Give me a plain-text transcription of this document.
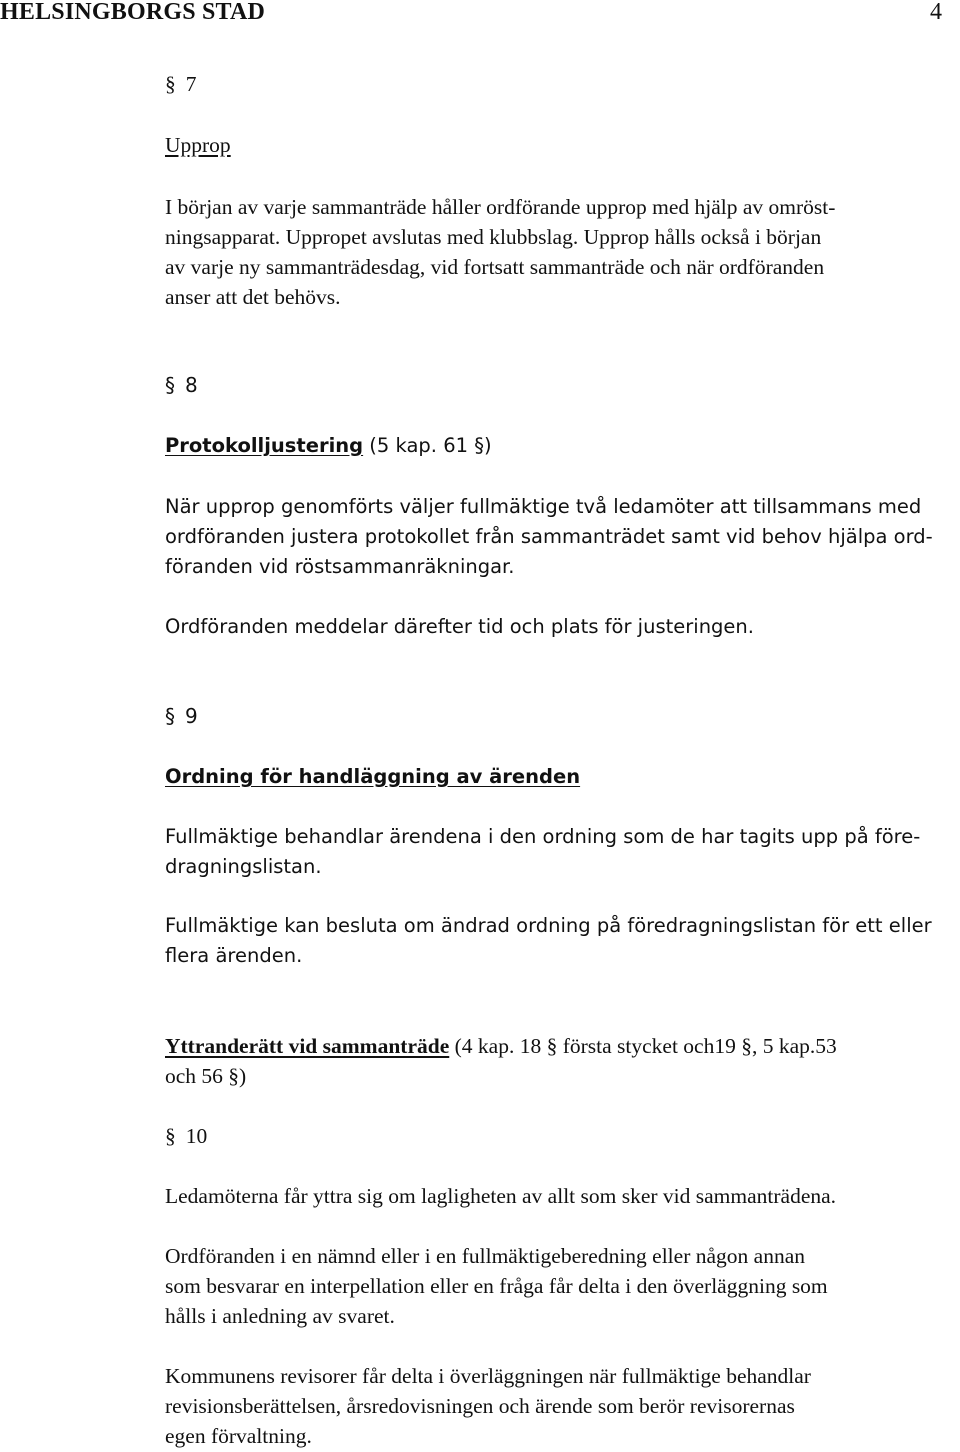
HELSINGBORGS STAD	4
§ 7
Upprop
I början av varje sammanträde håller ordförande upprop med hjälp av omröst-
ningsapparat. Uppropet avslutas med klubbslag. Upprop hålls också i början
av varje ny sammanträdesdag, vid fortsatt sammanträde och när ordföranden
anser att det behövs.
§ 8
Protokolljustering (5 kap. 61 §)
När upprop genomförts väljer fullmäktige två ledamöter att tillsammans med
ordföranden justera protokollet från sammanträdet samt vid behov hjälpa ord-
föranden vid röstsammanräkningar.
Ordföranden meddelar därefter tid och plats för justeringen.
§ 9
Ordning för handläggning av ärenden
Fullmäktige behandlar ärendena i den ordning som de har tagits upp på före-
dragningslistan.
Fullmäktige kan besluta om ändrad ordning på föredragningslistan för ett eller
flera ärenden.
Yttranderätt vid sammanträde (4 kap. 18 § första stycket och19 §, 5 kap.53
och 56 §)
§ 10
Ledamöterna får yttra sig om lagligheten av allt som sker vid sammanträdena.
Ordföranden i en nämnd eller i en fullmäktigeberedning eller någon annan
som besvarar en interpellation eller en fråga får delta i den överläggning som
hålls i anledning av svaret.
Kommunens revisorer får delta i överläggningen när fullmäktige behandlar
revisionsberättelsen, årsredovisningen och ärende som berör revisorernas
egen förvaltning.
